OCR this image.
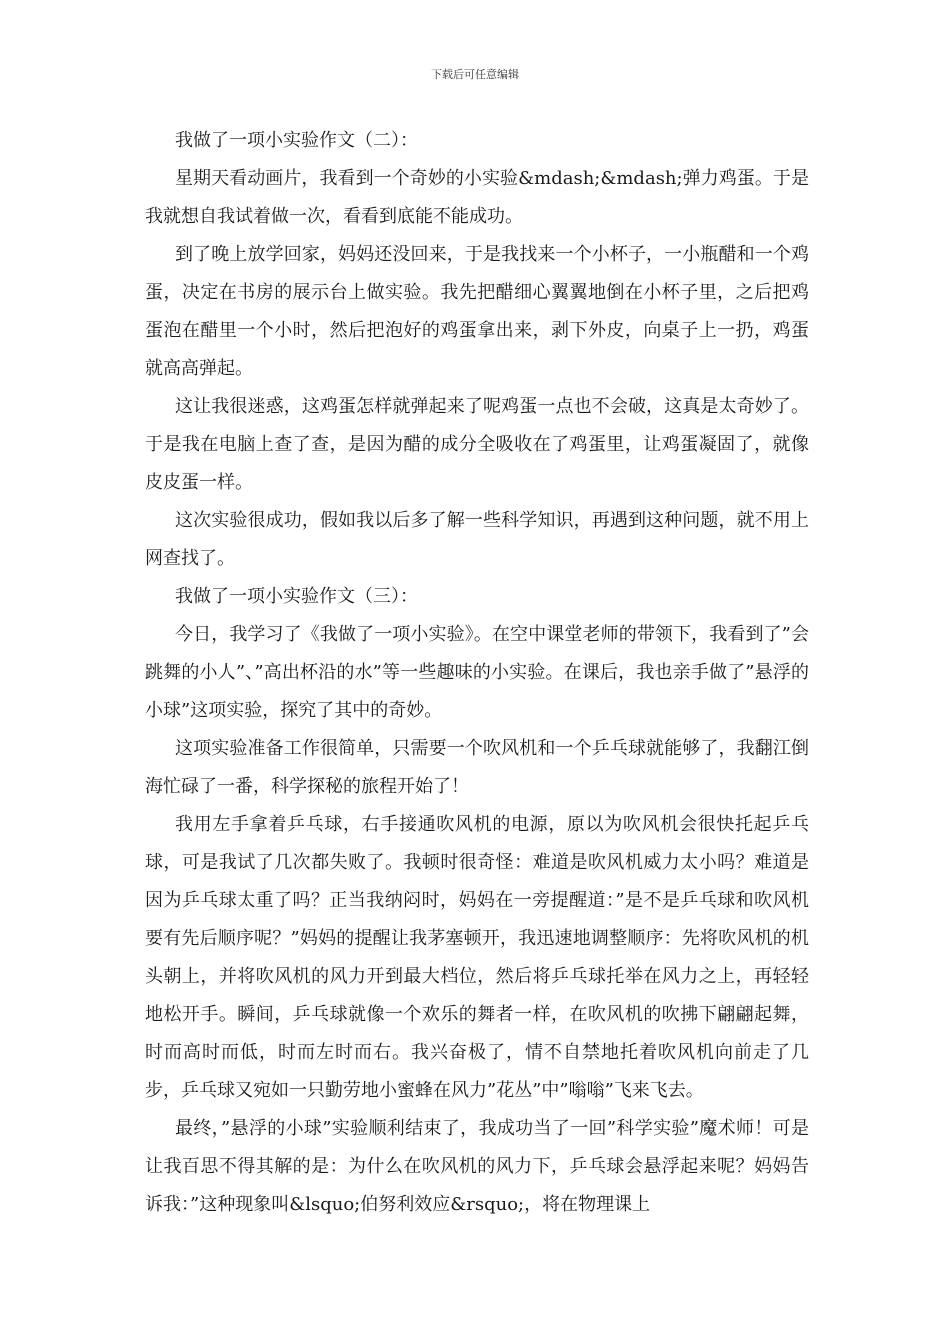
下载后可任意编辑

我做了一项小实验作文（二）：

星期天看动画片，我看到一个奇妙的小实验&mdash;&mdash;弹力鸡蛋。于是我就想自我试着做一次，看看到底能不能成功。

到了晚上放学回家，妈妈还没回来，于是我找来一个小杯子，一小瓶醋和一个鸡蛋，决定在书房的展示台上做实验。我先把醋细心翼翼地倒在小杯子里，之后把鸡蛋泡在醋里一个小时，然后把泡好的鸡蛋拿出来，剥下外皮，向桌子上一扔，鸡蛋就高高弹起。

这让我很迷惑，这鸡蛋怎样就弹起来了呢鸡蛋一点也不会破，这真是太奇妙了。于是我在电脑上查了查，是因为醋的成分全吸收在了鸡蛋里，让鸡蛋凝固了，就像皮皮蛋一样。

这次实验很成功，假如我以后多了解一些科学知识，再遇到这种问题，就不用上网查找了。

我做了一项小实验作文（三）：

今日，我学习了《我做了一项小实验》。在空中课堂老师的带领下，我看到了”会跳舞的小人”、”高出杯沿的水”等一些趣味的小实验。在课后，我也亲手做了”悬浮的小球”这项实验，探究了其中的奇妙。

这项实验准备工作很简单，只需要一个吹风机和一个乒乓球就能够了，我翻江倒海忙碌了一番，科学探秘的旅程开始了！

我用左手拿着乒乓球，右手接通吹风机的电源，原以为吹风机会很快托起乒乓球，可是我试了几次都失败了。我顿时很奇怪：难道是吹风机威力太小吗？难道是因为乒乓球太重了吗？正当我纳闷时，妈妈在一旁提醒道：”是不是乒乓球和吹风机要有先后顺序呢？”妈妈的提醒让我茅塞顿开，我迅速地调整顺序：先将吹风机的机头朝上，并将吹风机的风力开到最大档位，然后将乒乓球托举在风力之上，再轻轻地松开手。瞬间，乒乓球就像一个欢乐的舞者一样，在吹风机的吹拂下翩翩起舞，时而高时而低，时而左时而右。我兴奋极了，情不自禁地托着吹风机向前走了几步，乒乓球又宛如一只勤劳地小蜜蜂在风力”花丛”中”嗡嗡”飞来飞去。

最终，”悬浮的小球”实验顺利结束了，我成功当了一回”科学实验”魔术师！可是让我百思不得其解的是：为什么在吹风机的风力下，乒乓球会悬浮起来呢？妈妈告诉我：”这种现象叫&lsquo;伯努利效应&rsquo;，将在物理课上
